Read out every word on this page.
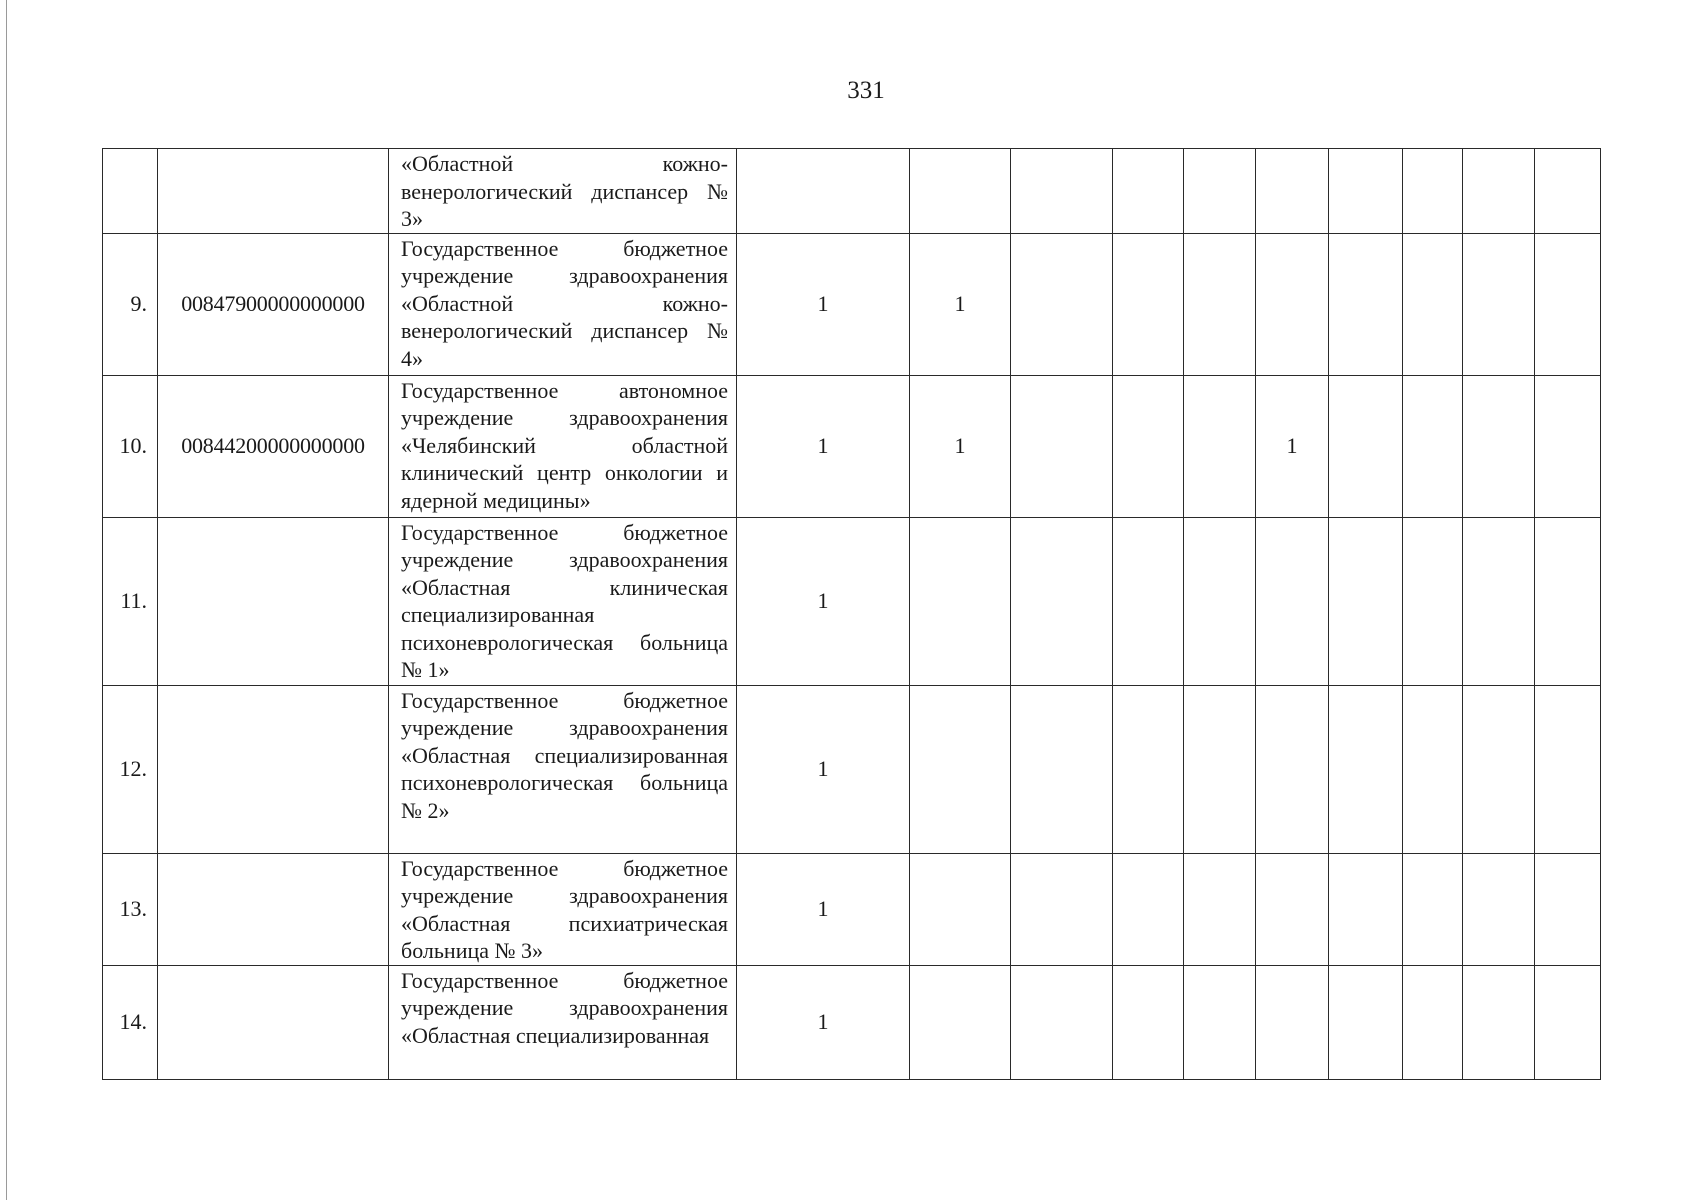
331
		«Областной кожно-венерологический диспансер № 3»												
9.	00847900000000000	Государственное бюджетное учреждение здравоохранения «Областной кожно-венерологический диспансер № 4»	1	1										
10.	00844200000000000	Государственное автономное учреждение здравоохранения «Челябинский областной клинический центр онкологии и ядерной медицины»	1	1				1						
11.		Государственное бюджетное учреждение здравоохранения «Областная клиническая специализированная психоневрологическая больница № 1»	1											
12.		Государственное бюджетное учреждение здравоохранения «Областная специализированная психоневрологическая больница № 2»	1											
13.		Государственное бюджетное учреждение здравоохранения «Областная психиатрическая больница № 3»	1											
14.		Государственное бюджетное учреждение здравоохранения «Областная специализированная	1											
